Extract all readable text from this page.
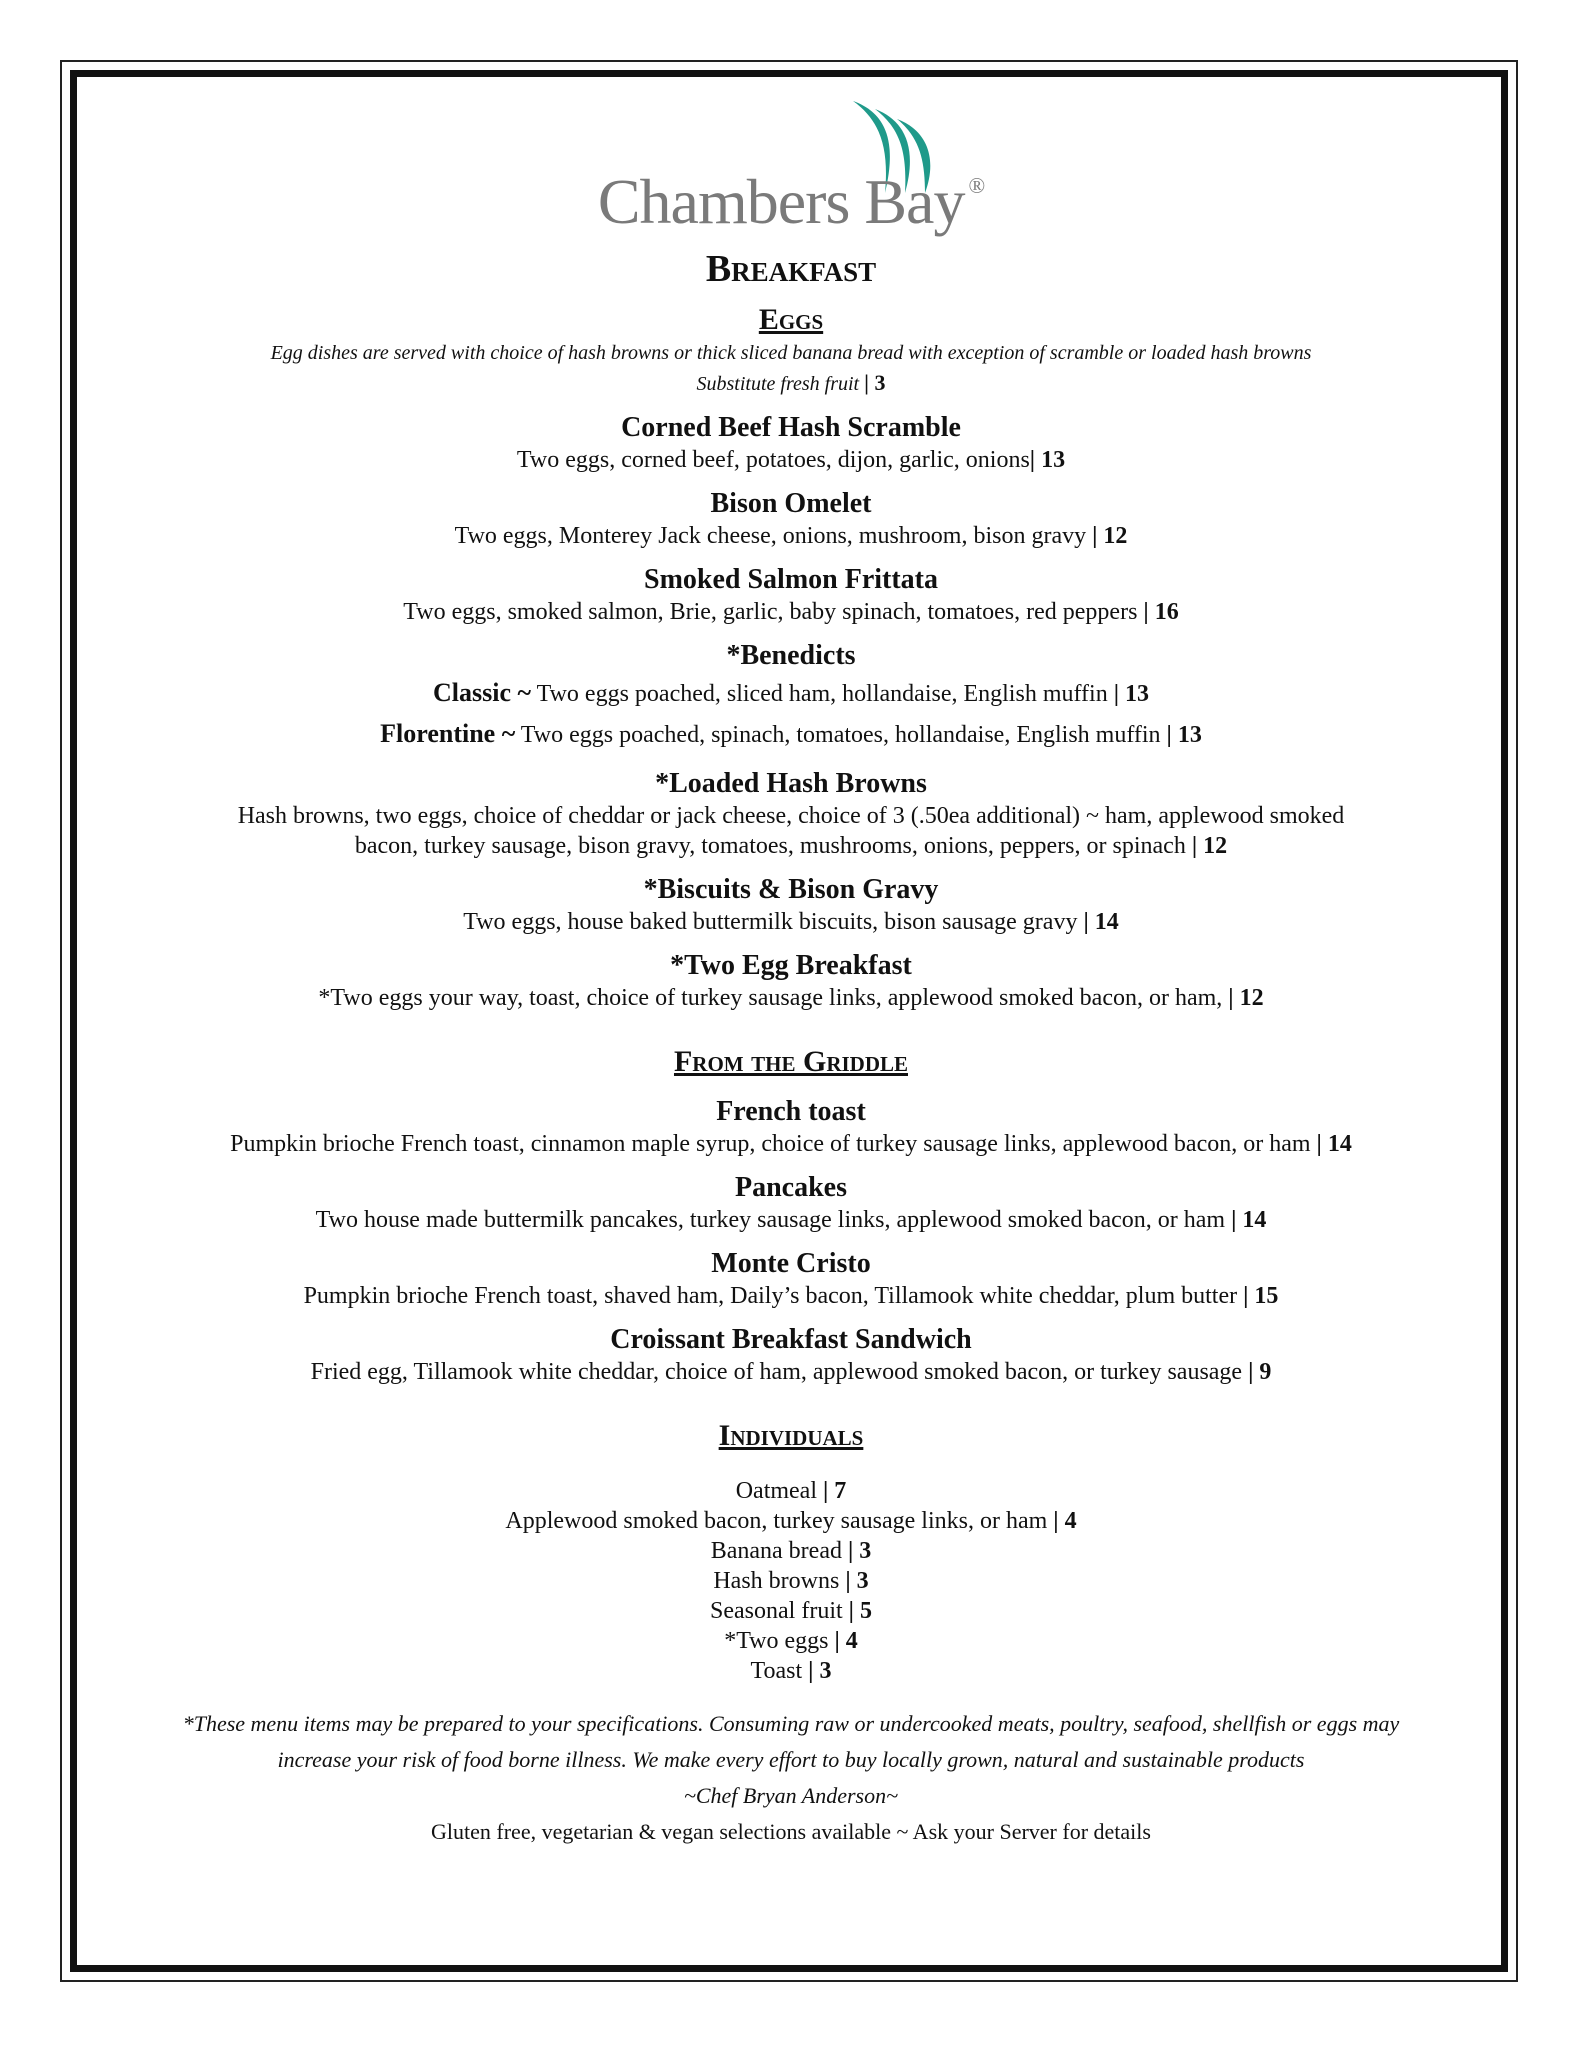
Chambers Bay ®
Breakfast
Eggs
Egg dishes are served with choice of hash browns or thick sliced banana bread with exception of scramble or loaded hash browns
Substitute fresh fruit | 3
Corned Beef Hash Scramble
Two eggs, corned beef, potatoes, dijon, garlic, onions| 13
Bison Omelet
Two eggs, Monterey Jack cheese, onions, mushroom, bison gravy | 12
Smoked Salmon Frittata
Two eggs, smoked salmon, Brie, garlic, baby spinach, tomatoes, red peppers | 16
*Benedicts
Classic ~ Two eggs poached, sliced ham, hollandaise, English muffin | 13
Florentine ~ Two eggs poached, spinach, tomatoes, hollandaise, English muffin | 13
*Loaded Hash Browns
Hash browns, two eggs, choice of cheddar or jack cheese, choice of 3 (.50ea additional) ~ ham, applewood smoked
bacon, turkey sausage, bison gravy, tomatoes, mushrooms, onions, peppers, or spinach | 12
*Biscuits & Bison Gravy
Two eggs, house baked buttermilk biscuits, bison sausage gravy | 14
*Two Egg Breakfast
*Two eggs your way, toast, choice of turkey sausage links, applewood smoked bacon, or ham, | 12
From the Griddle
French toast
Pumpkin brioche French toast, cinnamon maple syrup, choice of turkey sausage links, applewood bacon, or ham | 14
Pancakes
Two house made buttermilk pancakes, turkey sausage links, applewood smoked bacon, or ham | 14
Monte Cristo
Pumpkin brioche French toast, shaved ham, Daily’s bacon, Tillamook white cheddar, plum butter | 15
Croissant Breakfast Sandwich
Fried egg, Tillamook white cheddar, choice of ham, applewood smoked bacon, or turkey sausage | 9
Individuals
Oatmeal | 7
Applewood smoked bacon, turkey sausage links, or ham | 4
Banana bread | 3
Hash browns | 3
Seasonal fruit | 5
*Two eggs | 4
Toast | 3
*These menu items may be prepared to your specifications. Consuming raw or undercooked meats, poultry, seafood, shellfish or eggs may
increase your risk of food borne illness. We make every effort to buy locally grown, natural and sustainable products
~Chef Bryan Anderson~
Gluten free, vegetarian & vegan selections available ~ Ask your Server for details
